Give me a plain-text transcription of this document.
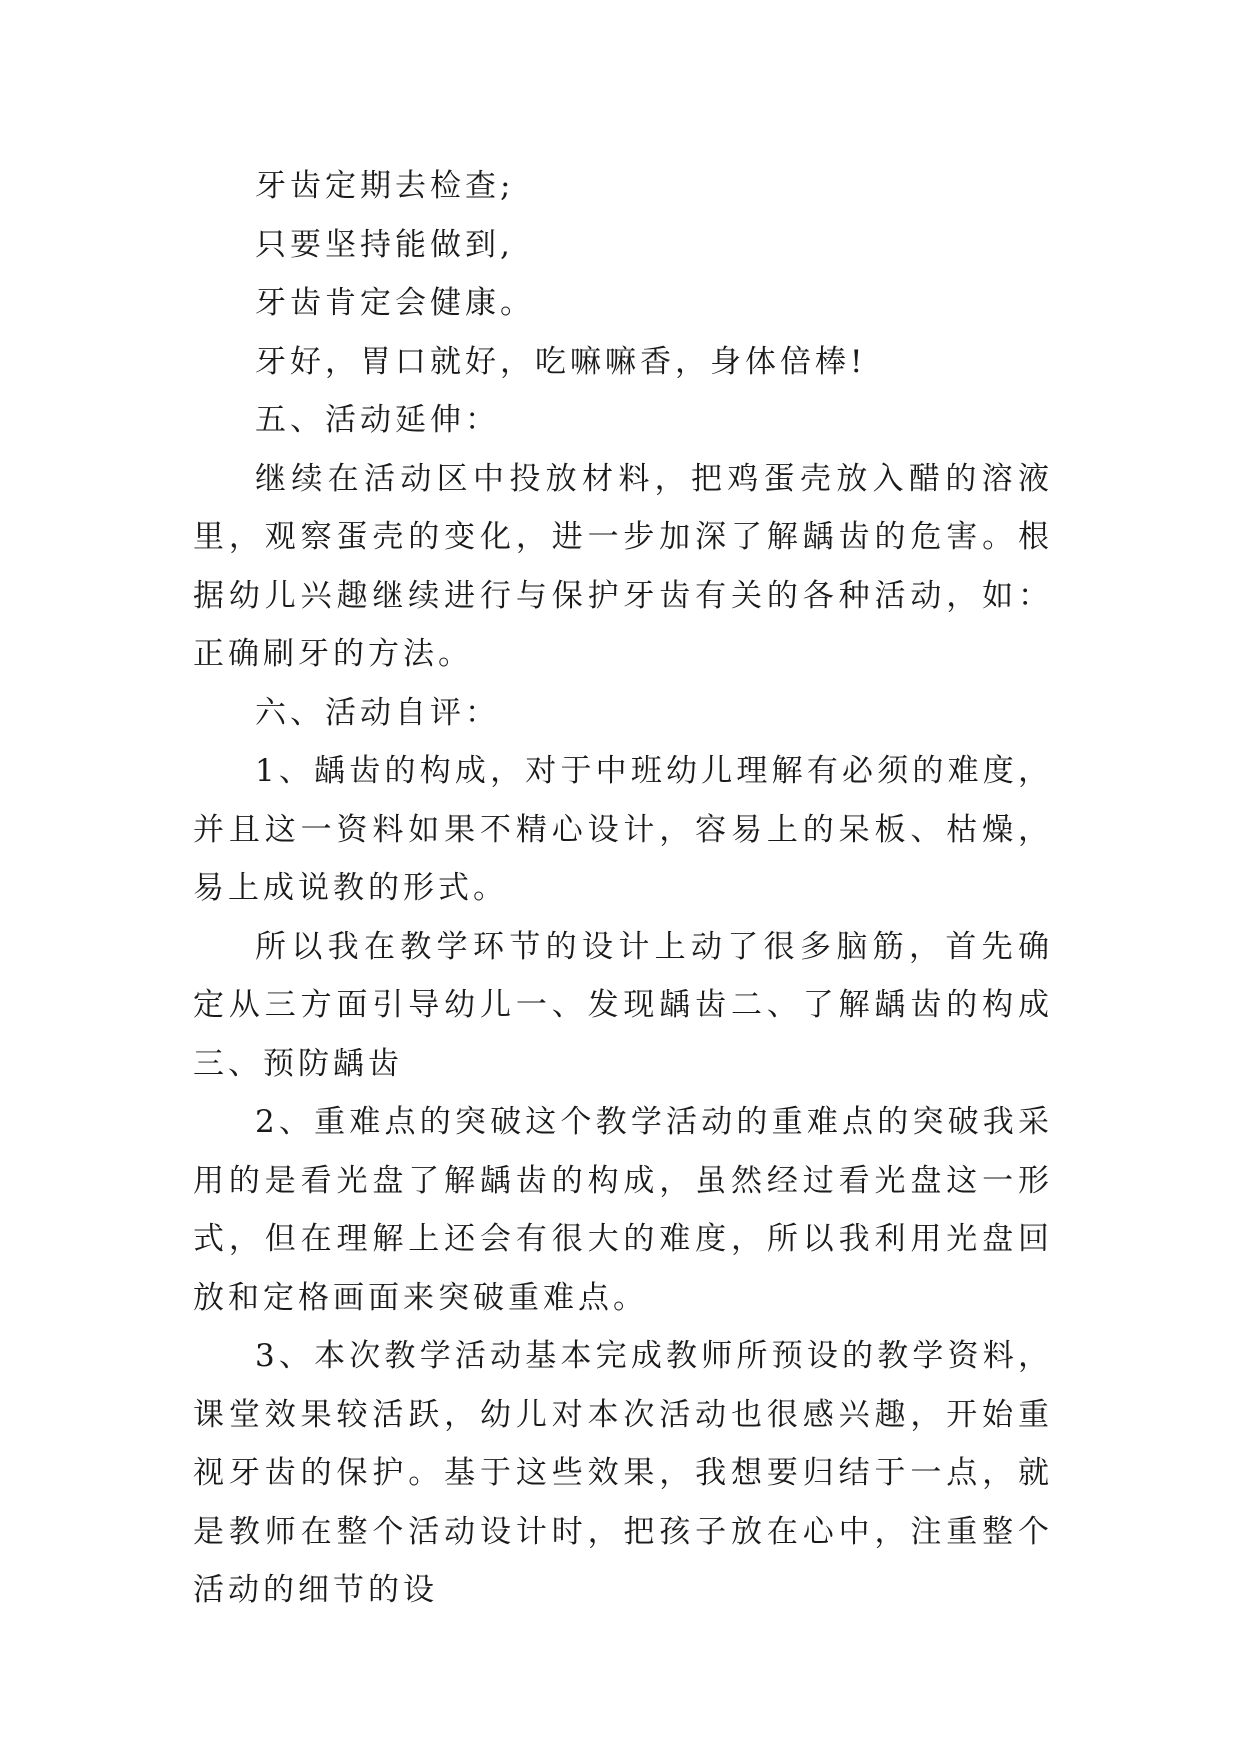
牙齿定期去检查;

只要坚持能做到,

牙齿肯定会健康。

牙好，胃口就好，吃嘛嘛香，身体倍棒!

五、活动延伸：

继续在活动区中投放材料，把鸡蛋壳放入醋的溶液里，观察蛋壳的变化，进一步加深了解龋齿的危害。根据幼儿兴趣继续进行与保护牙齿有关的各种活动，如：正确刷牙的方法。

六、活动自评：

1、龋齿的构成，对于中班幼儿理解有必须的难度，并且这一资料如果不精心设计，容易上的呆板、枯燥，易上成说教的形式。

所以我在教学环节的设计上动了很多脑筋，首先确定从三方面引导幼儿一、发现龋齿二、了解龋齿的构成三、预防龋齿

2、重难点的突破这个教学活动的重难点的突破我采用的是看光盘了解龋齿的构成，虽然经过看光盘这一形式，但在理解上还会有很大的难度，所以我利用光盘回放和定格画面来突破重难点。

3、本次教学活动基本完成教师所预设的教学资料，课堂效果较活跃，幼儿对本次活动也很感兴趣，开始重视牙齿的保护。基于这些效果，我想要归结于一点，就是教师在整个活动设计时，把孩子放在心中，注重整个活动的细节的设
